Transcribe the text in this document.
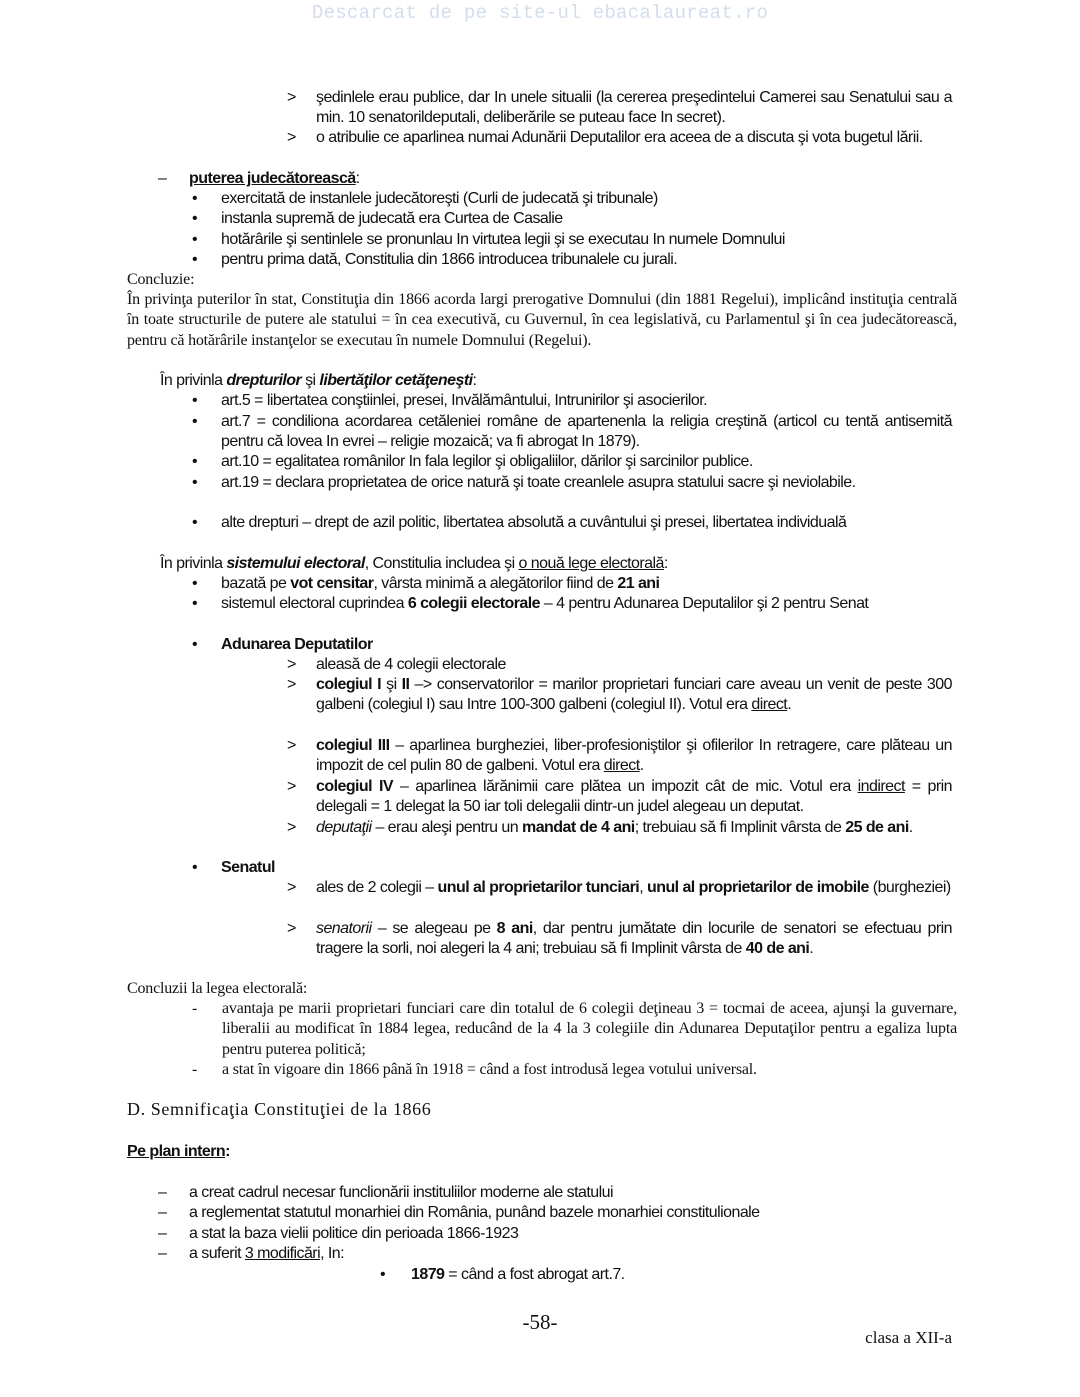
Descarcat de pe site-ul ebacalaureat.ro
> şedinlele erau publice, dar In unele situalii (la cererea preşedintelui Camerei sau Senatului sau a min. 10 senatorildeputali, deliberările se puteau face In secret).
> o atribulie ce aparlinea numai Adunării Deputalilor era aceea de a discuta şi vota bugetul lării.
– puterea judecătorească:
• exercitată de instanlele judecătoreşti (Curli de judecată şi tribunale)
• instanla supremă de judecată era Curtea de Casalie
• hotărârile şi sentinlele se pronunlau In virtutea legii şi se executau In numele Domnului
• pentru prima dată, Constitulia din 1866 introducea tribunalele cu jurali.
Concluzie:
În privinţa puterilor în stat, Constituţia din 1866 acorda largi prerogative Domnului (din 1881 Regelui), implicând instituţia centrală în toate structurile de putere ale statului = în cea executivă, cu Guvernul, în cea legislativă, cu Parlamentul şi în cea judecătorească, pentru că hotărârile instanţelor se executau în numele Domnului (Regelui).
În privinla drepturilor şi libertăţilor cetăţeneşti:
• art.5 = libertatea conştiinlei, presei, Invălământului, Intrunirilor şi asocierilor.
• art.7 = condiliona acordarea cetăleniei române de apartenenla la religia creştină (articol cu tentă antisemită pentru că lovea In evrei – religie mozaică; va fi abrogat In 1879).
• art.10 = egalitatea românilor In fala legilor şi obligaliilor, dărilor şi sarcinilor publice.
• art.19 = declara proprietatea de orice natură şi toate creanlele asupra statului sacre şi neviolabile.
• alte drepturi – drept de azil politic, libertatea absolută a cuvântului şi presei, libertatea individuală
În privinla sistemului electoral, Constitulia includea şi o nouă lege electorală:
• bazată pe vot censitar, vârsta minimă a alegătorilor fiind de 21 ani
• sistemul electoral cuprindea 6 colegii electorale – 4 pentru Adunarea Deputalilor şi 2 pentru Senat
• Adunarea Deputatilor
> aleasă de 4 colegii electorale
> colegiul I şi II –> conservatorilor = marilor proprietari funciari care aveau un venit de peste 300 galbeni (colegiul I) sau Intre 100-300 galbeni (colegiul II). Votul era direct.
> colegiul III – aparlinea burgheziei, liber-profesioniştilor şi ofilerilor In retragere, care plăteau un impozit de cel pulin 80 de galbeni. Votul era direct.
> colegiul IV – aparlinea lărănimii care plătea un impozit cât de mic. Votul era indirect = prin delegali = 1 delegat la 50 iar toli delegalii dintr-un judel alegeau un deputat.
> deputaţii – erau aleşi pentru un mandat de 4 ani; trebuiau să fi Implinit vârsta de 25 de ani.
• Senatul
> ales de 2 colegii – unul al proprietarilor tunciari, unul al proprietarilor de imobile (burgheziei)
> senatorii – se alegeau pe 8 ani, dar pentru jumătate din locurile de senatori se efectuau prin tragere la sorli, noi alegeri la 4 ani; trebuiau să fi Implinit vârsta de 40 de ani.
Concluzii la legea electorală:
- avantaja pe marii proprietari funciari care din totalul de 6 colegii deţineau 3 = tocmai de aceea, ajunşi la guvernare, liberalii au modificat în 1884 legea, reducând de la 4 la 3 colegiile din Adunarea Deputaţilor pentru a egaliza lupta pentru puterea politică;
- a stat în vigoare din 1866 până în 1918 = când a fost introdusă legea votului universal.
D. Semnificaţia Constituţiei de la 1866
Pe plan intern:
– a creat cadrul necesar funclionării instituliilor moderne ale statului
– a reglementat statutul monarhiei din România, punând bazele monarhiei constitulionale
– a stat la baza vielii politice din perioada 1866-1923
– a suferit 3 modificări, In:
• 1879 = când a fost abrogat art.7.
-58-
clasa a XII-a
